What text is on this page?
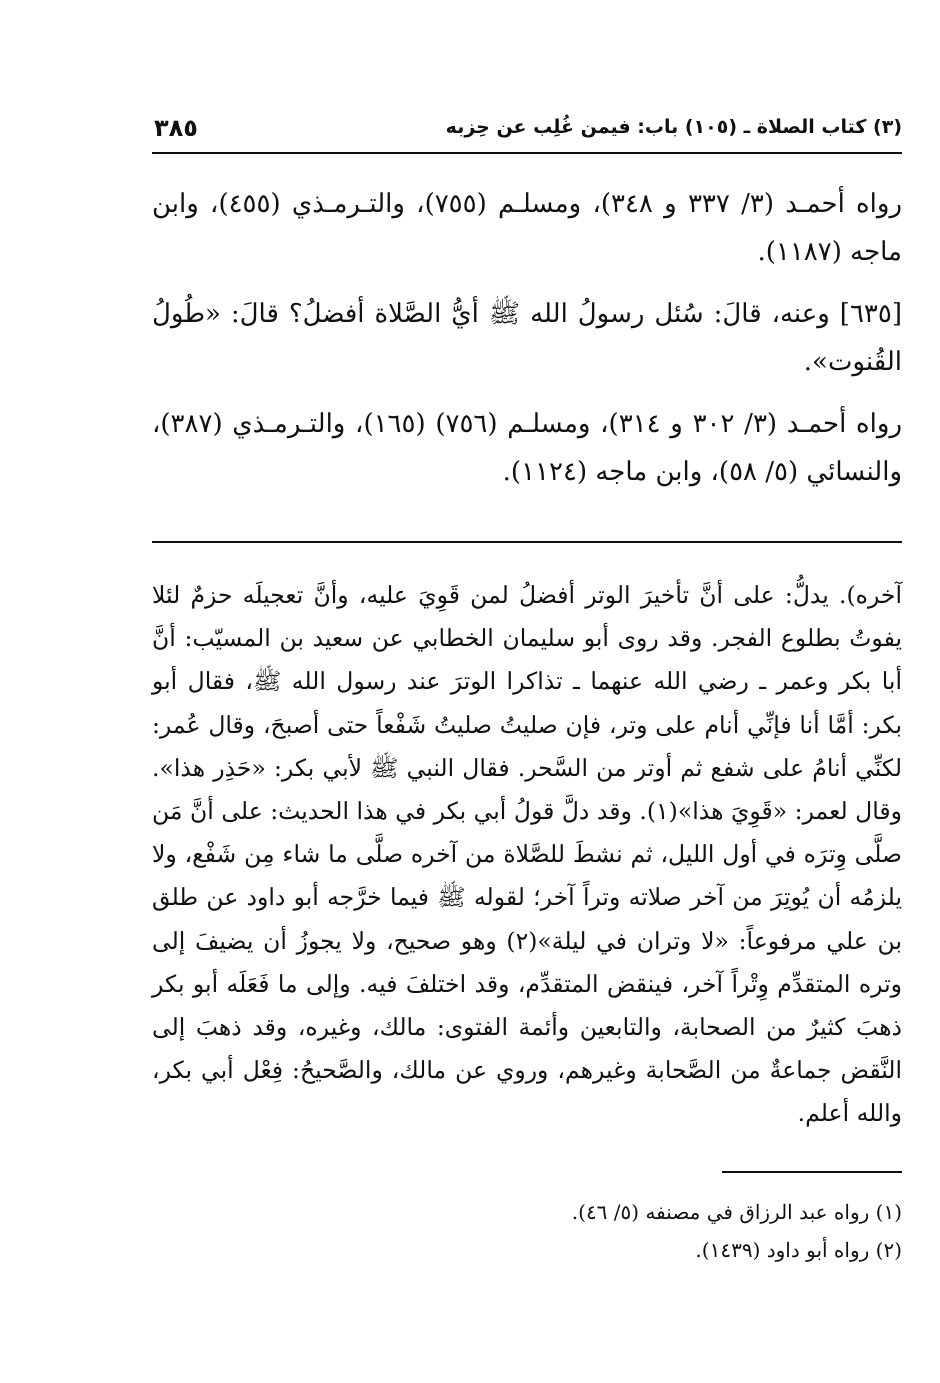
(٣) كتاب الصلاة ـ (١٠٥) باب: فيمن غُلِب عن حِزبه
٣٨٥

رواه أحمـد (٣/ ٣٣٧ و ٣٤٨)، ومسلـم (٧٥٥)، والتـرمـذي (٤٥٥)، وابن ماجه (١١٨٧).

[٦٣٥] وعنه، قالَ: سُئل رسولُ الله ﷺ أيُّ الصَّلاة أفضلُ؟ قالَ: «طُولُ القُنوت».

رواه أحمـد (٣/ ٣٠٢ و ٣١٤)، ومسلـم (٧٥٦) (١٦٥)، والتـرمـذي (٣٨٧)، والنسائي (٥/ ٥٨)، وابن ماجه (١١٢٤).

آخره). يدلُّ: على أنَّ تأخيرَ الوتر أفضلُ لمن قَوِيَ عليه، وأنَّ تعجيلَه حزمٌ لئلا يفوتُ بطلوع الفجر. وقد روى أبو سليمان الخطابي عن سعيد بن المسيّب: أنَّ أبا بكر وعمر ـ رضي الله عنهما ـ تذاكرا الوترَ عند رسول الله ﷺ، فقال أبو بكر: أمَّا أنا فإنِّي أنام على وتر، فإن صليتُ صليتُ شَفْعاً حتى أصبحَ، وقال عُمر: لكنِّي أنامُ على شفع ثم أوتر من السَّحر. فقال النبي ﷺ لأبي بكر: «حَذِر هذا». وقال لعمر: «قَوِيَ هذا»(١). وقد دلَّ قولُ أبي بكر في هذا الحديث: على أنَّ مَن صلَّى وِترَه في أول الليل، ثم نشطَ للصَّلاة من آخره صلَّى ما شاء مِن شَفْع، ولا يلزمُه أن يُوتِرَ من آخر صلاته وتراً آخر؛ لقوله ﷺ فيما خرَّجه أبو داود عن طلق بن علي مرفوعاً: «لا وتران في ليلة»(٢) وهو صحيح، ولا يجوزُ أن يضيفَ إلى وتره المتقدِّم وِتْراً آخر، فينقض المتقدِّم، وقد اختلفَ فيه. وإلى ما فَعَلَه أبو بكر ذهبَ كثيرٌ من الصحابة، والتابعين وأئمة الفتوى: مالك، وغيره، وقد ذهبَ إلى النَّقض جماعةٌ من الصَّحابة وغيرهم، وروي عن مالك، والصَّحيحُ: فِعْل أبي بكر، والله أعلم.

(١) رواه عبد الرزاق في مصنفه (٥/ ٤٦).
(٢) رواه أبو داود (١٤٣٩).
